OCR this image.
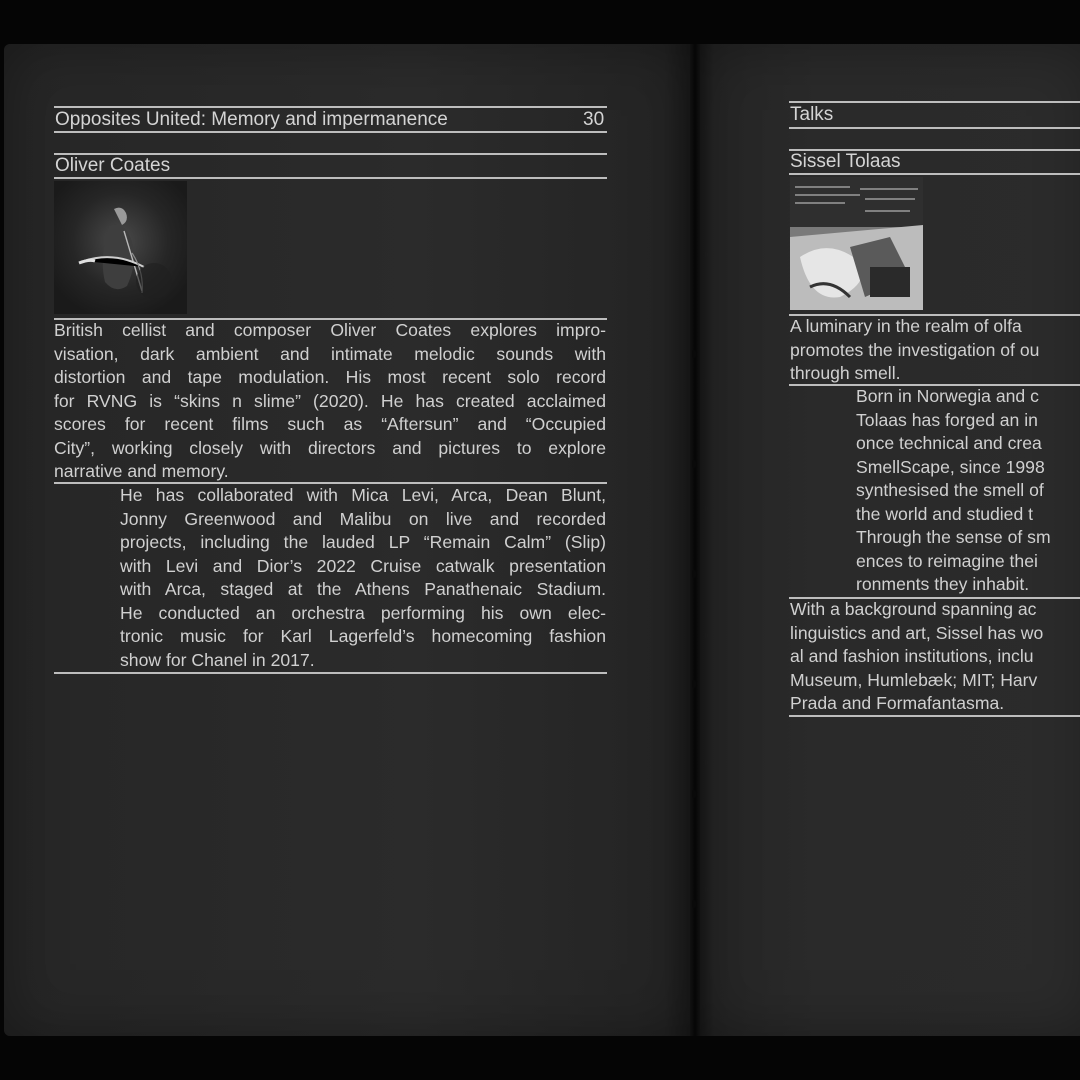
Opposites United: Memory and impermanence	30
Oliver Coates
British cellist and composer Oliver Coates explores impro-
visation, dark ambient and intimate melodic sounds with
distortion and tape modulation. His most recent solo record
for RVNG is “skins n slime” (2020). He has created acclaimed
scores for recent films such as “Aftersun” and “Occupied
City”, working closely with directors and pictures to explore
narrative and memory.
He has collaborated with Mica Levi, Arca, Dean Blunt,
Jonny Greenwood and Malibu on live and recorded
projects, including the lauded LP “Remain Calm” (Slip)
with Levi and Dior’s 2022 Cruise catwalk presentation
with Arca, staged at the Athens Panathenaic Stadium.
He conducted an orchestra performing his own elec-
tronic music for Karl Lagerfeld’s homecoming fashion
show for Chanel in 2017.
Talks
Sissel Tolaas
A luminary in the realm of olfa
promotes the investigation of ou
through smell.
Born in Norwegia and c
Tolaas has forged an in
once technical and crea
SmellScape, since 1998
synthesised the smell of
the world and studied t
Through the sense of sm
ences to reimagine thei
ronments they inhabit.
With a background spanning ac
linguistics and art, Sissel has wo
al and fashion institutions, inclu
Museum, Humlebæk; MIT; Harv
Prada and Formafantasma.
